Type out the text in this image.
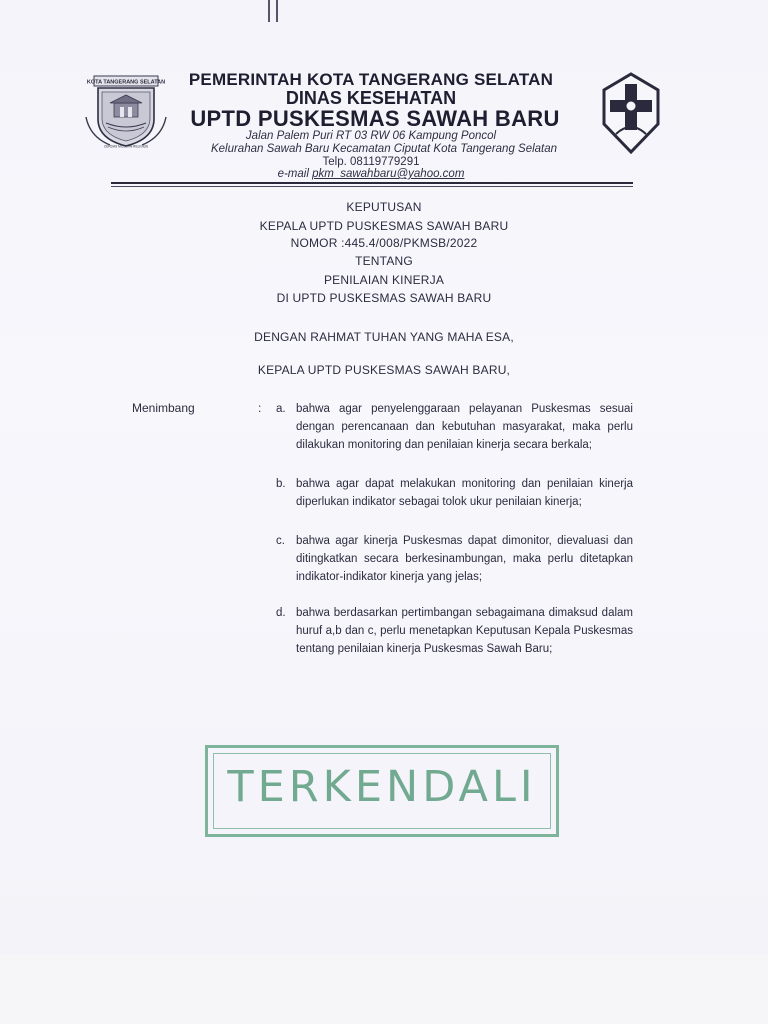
KOTA TANGERANG SELATAN
CERDAS MODERN RELIGIUS
PEMERINTAH KOTA TANGERANG SELATAN
DINAS KESEHATAN
UPTD PUSKESMAS SAWAH BARU
Jalan Palem Puri RT 03 RW 06 Kampung Poncol
Kelurahan Sawah Baru Kecamatan Ciputat Kota Tangerang Selatan
Telp. 08119779291
e-mail pkm_sawahbaru@yahoo.com
KEPUTUSAN
KEPALA UPTD PUSKESMAS SAWAH BARU
NOMOR :445.4/008/PKMSB/2022
TENTANG
PENILAIAN KINERJA
DI UPTD PUSKESMAS SAWAH BARU
DENGAN RAHMAT TUHAN YANG MAHA ESA,
KEPALA UPTD PUSKESMAS SAWAH BARU,
Menimbang	: a. bahwa agar penyelenggaraan pelayanan Puskesmas sesuai dengan perencanaan dan kebutuhan masyarakat, maka perlu dilakukan monitoring dan penilaian kinerja secara berkala;
b. bahwa agar dapat melakukan monitoring dan penilaian kinerja diperlukan indikator sebagai tolok ukur penilaian kinerja;
c. bahwa agar kinerja Puskesmas dapat dimonitor, dievaluasi dan ditingkatkan secara berkesinambungan, maka perlu ditetapkan indikator-indikator kinerja yang jelas;
d. bahwa berdasarkan pertimbangan sebagaimana dimaksud dalam huruf a,b dan c, perlu menetapkan Keputusan Kepala Puskesmas tentang penilaian kinerja Puskesmas Sawah Baru;
TERKENDALI
